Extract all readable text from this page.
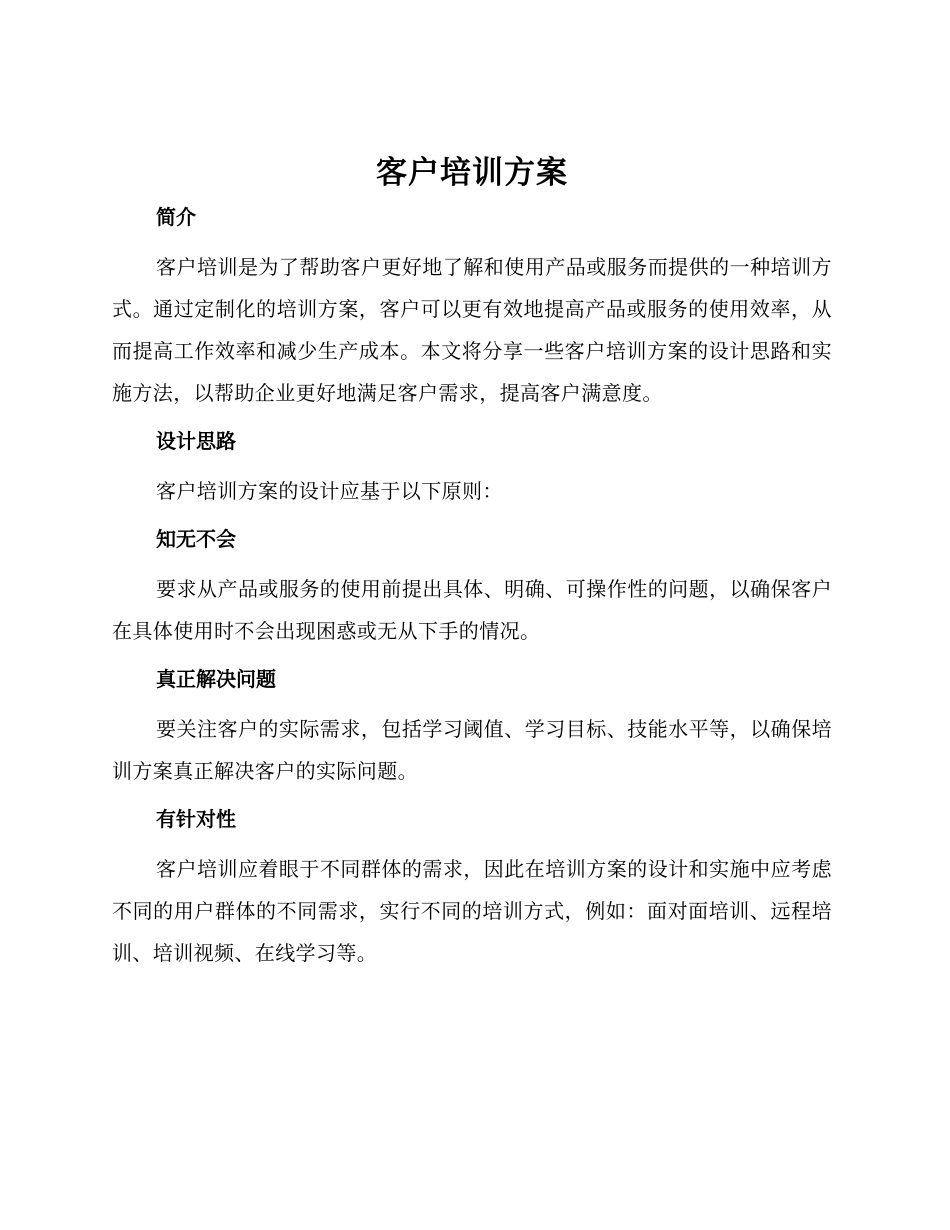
客户培训方案
简介

客户培训是为了帮助客户更好地了解和使用产品或服务而提供的一种培训方式。通过定制化的培训方案，客户可以更有效地提高产品或服务的使用效率，从而提高工作效率和减少生产成本。本文将分享一些客户培训方案的设计思路和实施方法，以帮助企业更好地满足客户需求，提高客户满意度。

设计思路

客户培训方案的设计应基于以下原则：

知无不会

要求从产品或服务的使用前提出具体、明确、可操作性的问题，以确保客户在具体使用时不会出现困惑或无从下手的情况。

真正解决问题

要关注客户的实际需求，包括学习阈值、学习目标、技能水平等，以确保培训方案真正解决客户的实际问题。

有针对性

客户培训应着眼于不同群体的需求，因此在培训方案的设计和实施中应考虑不同的用户群体的不同需求，实行不同的培训方式，例如：面对面培训、远程培训、培训视频、在线学习等。
